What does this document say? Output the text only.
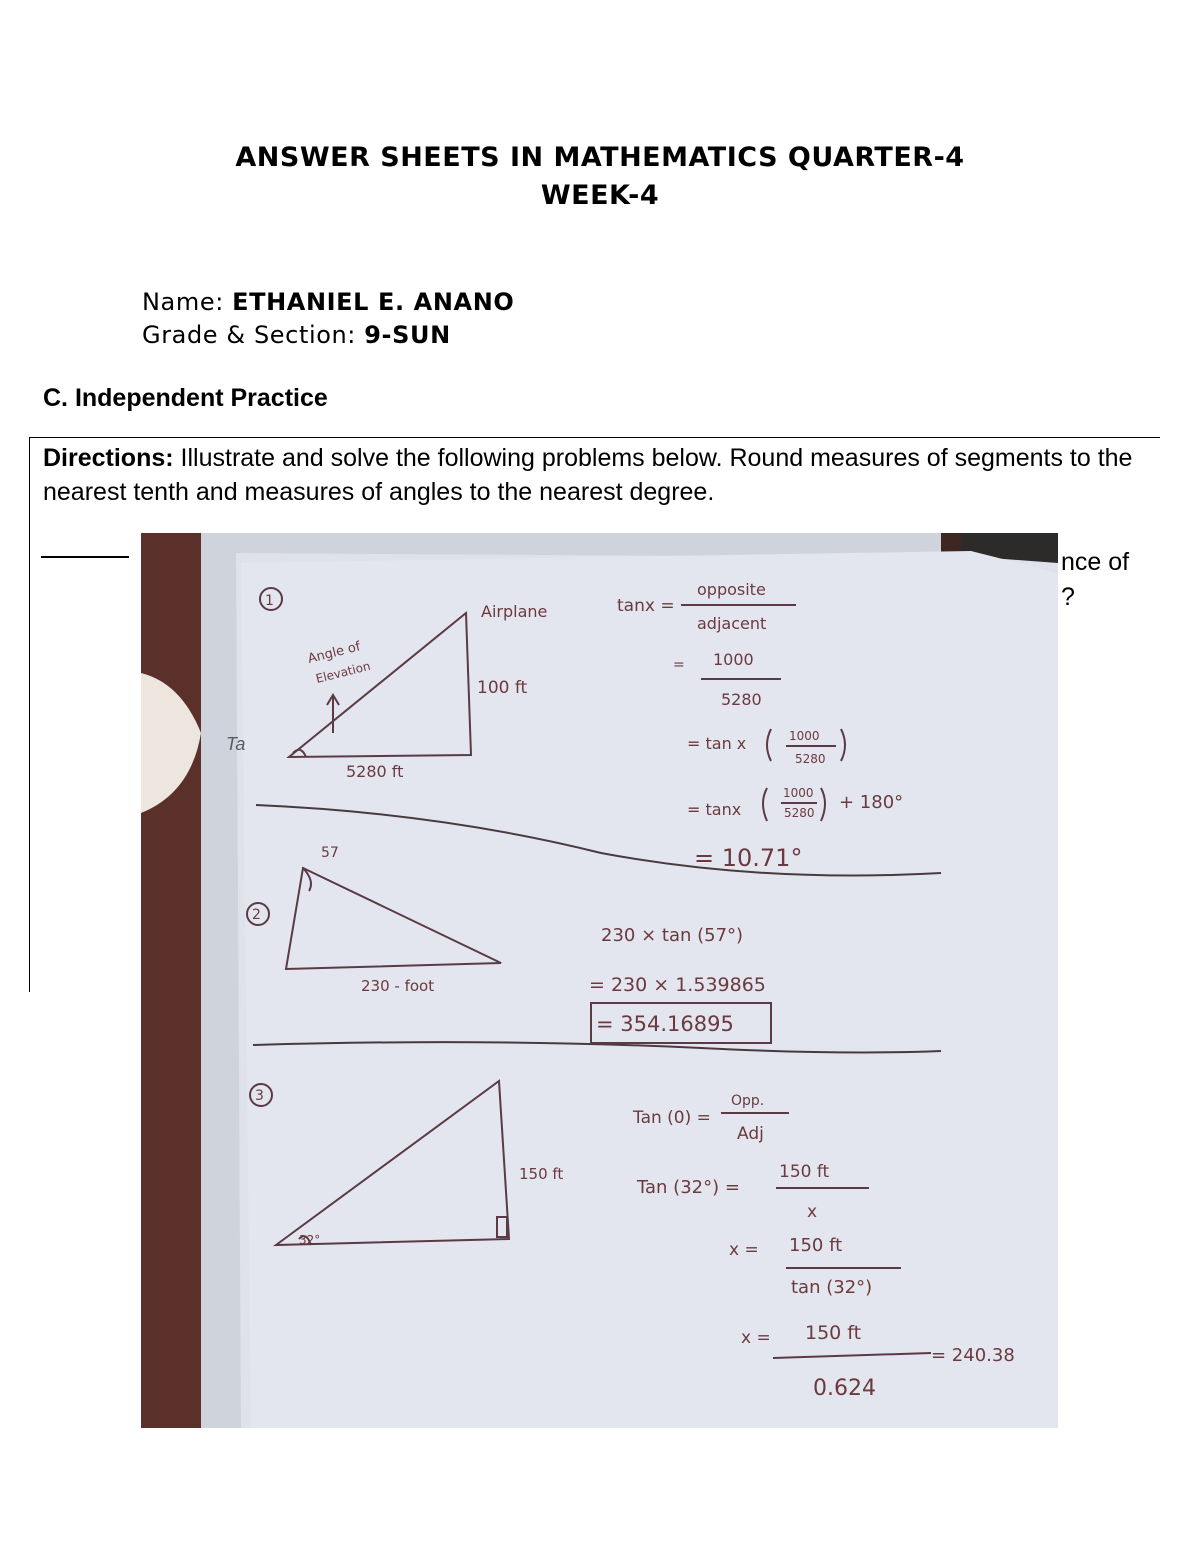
ANSWER SHEETS IN MATHEMATICS QUARTER-4
WEEK-4
Name: ETHANIEL E. ANANO
Grade & Section: 9-SUN
C. Independent Practice
Directions: Illustrate and solve the following problems below. Round measures of segments to the nearest tenth and measures of angles to the nearest degree.
nce of
?
1
Airplane
Angle of
Elevation
100 ft
5280 ft
tanx =
opposite
adjacent
= 1000
5280
= tan x	1000
5280
= tanx
1000
5280 + 180°
= 10.71°
2
57
230 - foot
230 × tan (57°)
= 230 × 1.539865
= 354.16895
3
32°
150 ft
Tan (0) =
Opp.
Adj
Tan (32°) =
150 ft
x
x = 150 ft
tan (32°)
x = 150 ft
0.624
= 240.38
Ta
